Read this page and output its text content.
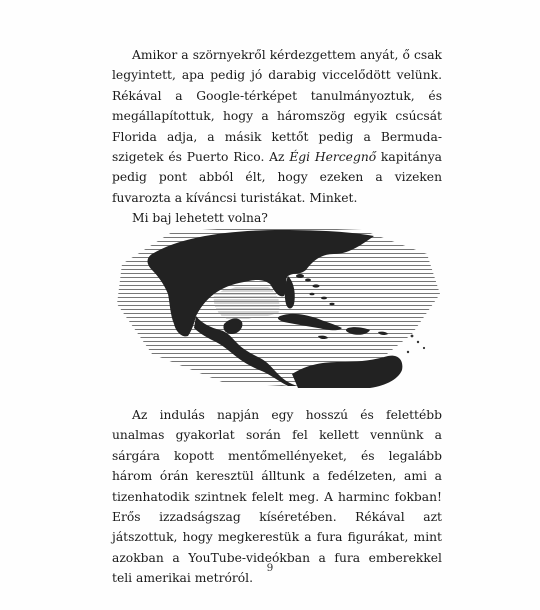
Amikor a szörnyekről kérdezgettem anyát, ő csak legyintett, apa pedig jó darabig viccelődött velünk. Rékával a Google-térképet tanulmányoztuk, és megállapítottuk, hogy a háromszög egyik csúcsát Florida adja, a másik kettőt pedig a Bermuda-szigetek és Puerto Rico. Az Égi Hercegnő kapitánya pedig pont abból élt, hogy ezeken a vizeken fuvarozta a kíváncsi turistákat. Minket.

Mi baj lehetett volna?

Az indulás napján egy hosszú és felettébb unalmas gyakorlat során fel kellett vennünk a sárgára kopott mentőmellényeket, és legalább három órán keresztül álltunk a fedélzeten, ami a tizenhatodik szintnek felelt meg. A harminc fokban! Erős izzadságszag kíséretében. Rékával azt játszottuk, hogy megkerestük a fura figurákat, mint azokban a YouTube-videókban a fura emberekkel teli amerikai metróról.

9
